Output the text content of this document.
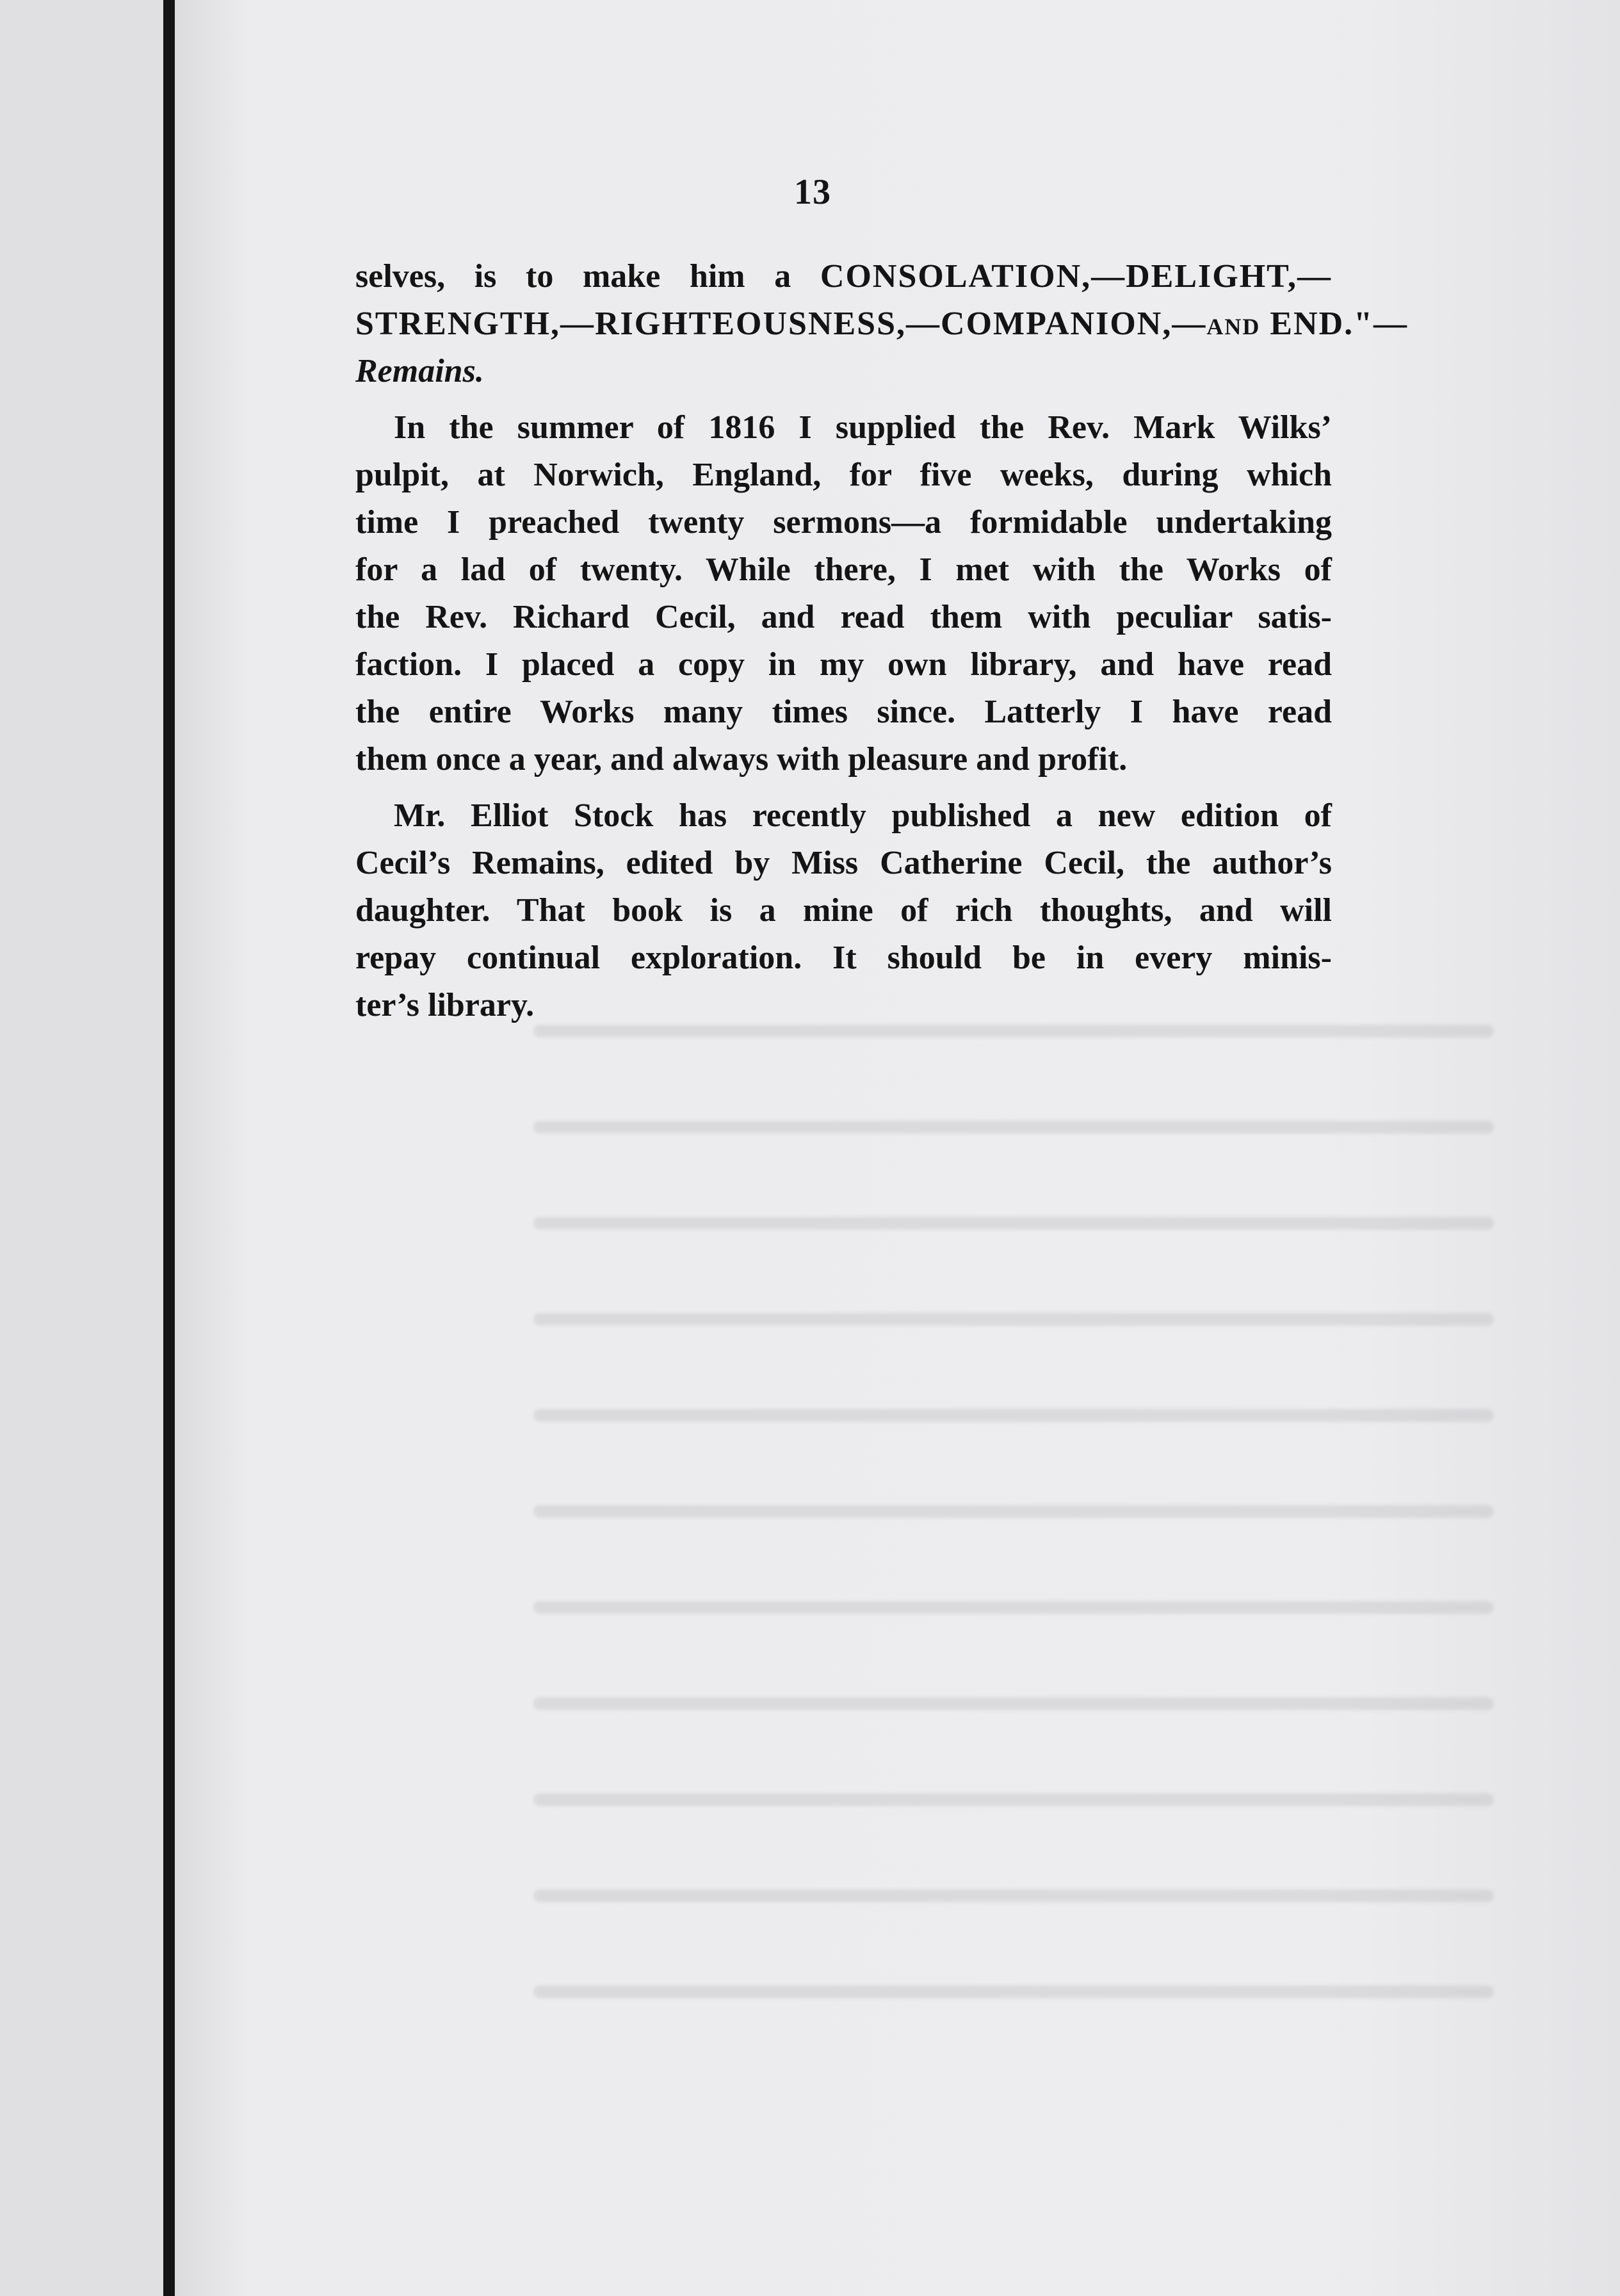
13

selves, is to make him a CONSOLATION,—DELIGHT,—
STRENGTH,—RIGHTEOUSNESS,—COMPANION,—and END."—
Remains.

In the summer of 1816 I supplied the Rev. Mark Wilks’
pulpit, at Norwich, England, for five weeks, during which
time I preached twenty sermons—a formidable undertaking
for a lad of twenty. While there, I met with the Works of
the Rev. Richard Cecil, and read them with peculiar satis-
faction. I placed a copy in my own library, and have read
the entire Works many times since. Latterly I have read
them once a year, and always with pleasure and profit.

Mr. Elliot Stock has recently published a new edition of
Cecil’s Remains, edited by Miss Catherine Cecil, the author’s
daughter. That book is a mine of rich thoughts, and will
repay continual exploration. It should be in every minis-
ter’s library.
